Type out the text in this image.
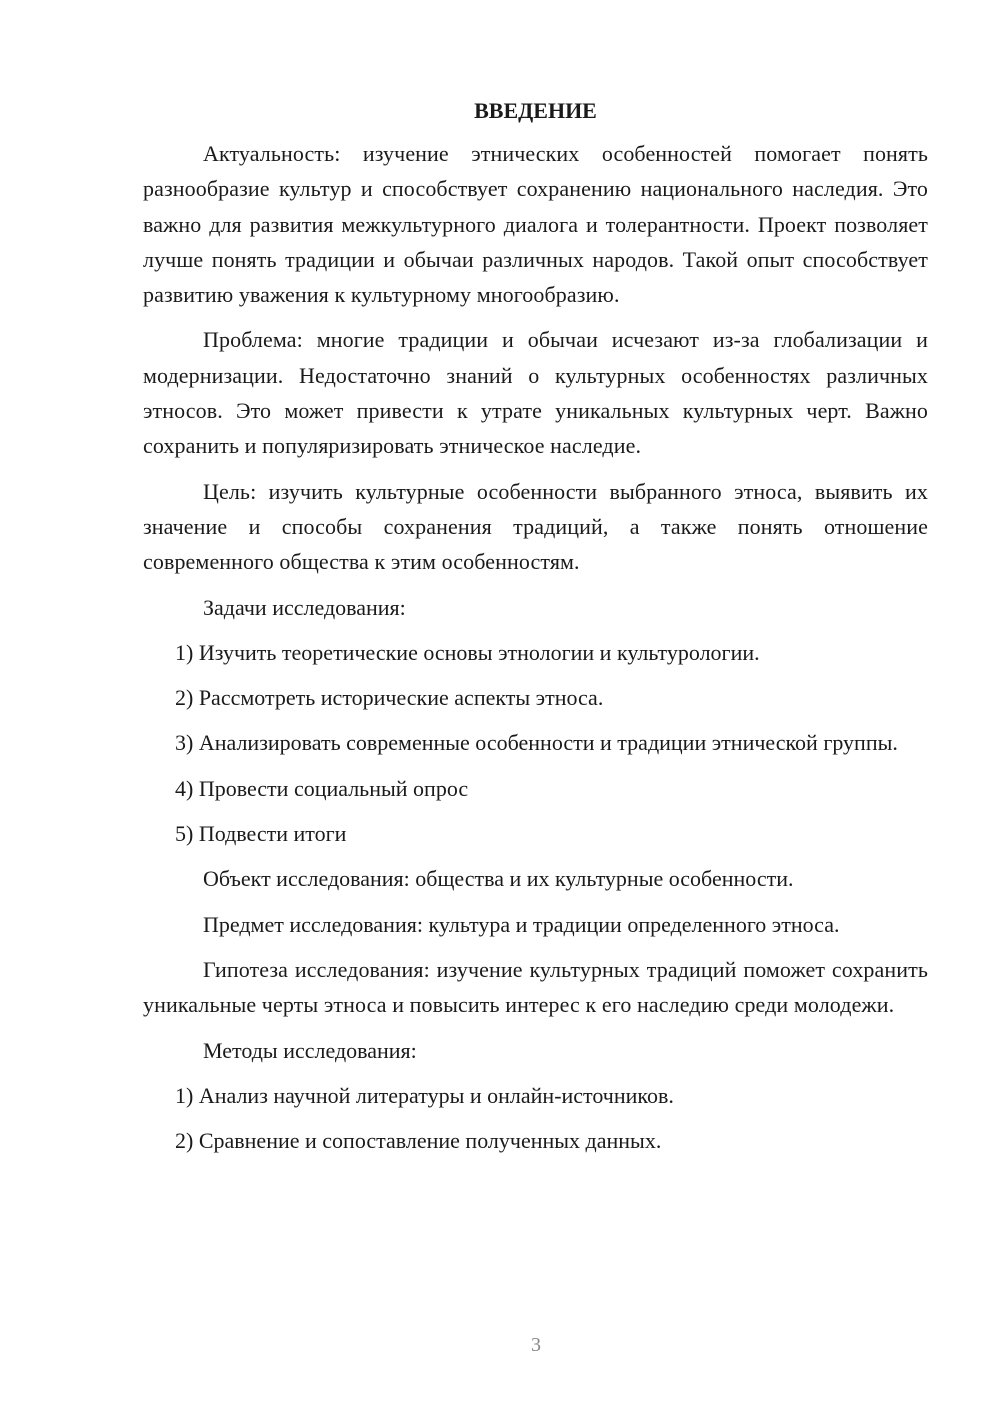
ВВЕДЕНИЕ

Актуальность: изучение этнических особенностей помогает понять разнообразие культур и способствует сохранению национального наследия. Это важно для развития межкультурного диалога и толерантности. Проект позволяет лучше понять традиции и обычаи различных народов. Такой опыт способствует развитию уважения к культурному многообразию.

Проблема: многие традиции и обычаи исчезают из-за глобализации и модернизации. Недостаточно знаний о культурных особенностях различных этносов. Это может привести к утрате уникальных культурных черт. Важно сохранить и популяризировать этническое наследие.

Цель: изучить культурные особенности выбранного этноса, выявить их значение и способы сохранения традиций, а также понять отношение современного общества к этим особенностям.

Задачи исследования:

1) Изучить теоретические основы этнологии и культурологии.

2) Рассмотреть исторические аспекты этноса.

3) Анализировать современные особенности и традиции этнической группы.

4) Провести социальный опрос

5) Подвести итоги

Объект исследования: общества и их культурные особенности.

Предмет исследования: культура и традиции определенного этноса.

Гипотеза исследования: изучение культурных традиций поможет сохранить уникальные черты этноса и повысить интерес к его наследию среди молодежи.

Методы исследования:

1) Анализ научной литературы и онлайн-источников.

2) Сравнение и сопоставление полученных данных.

3
